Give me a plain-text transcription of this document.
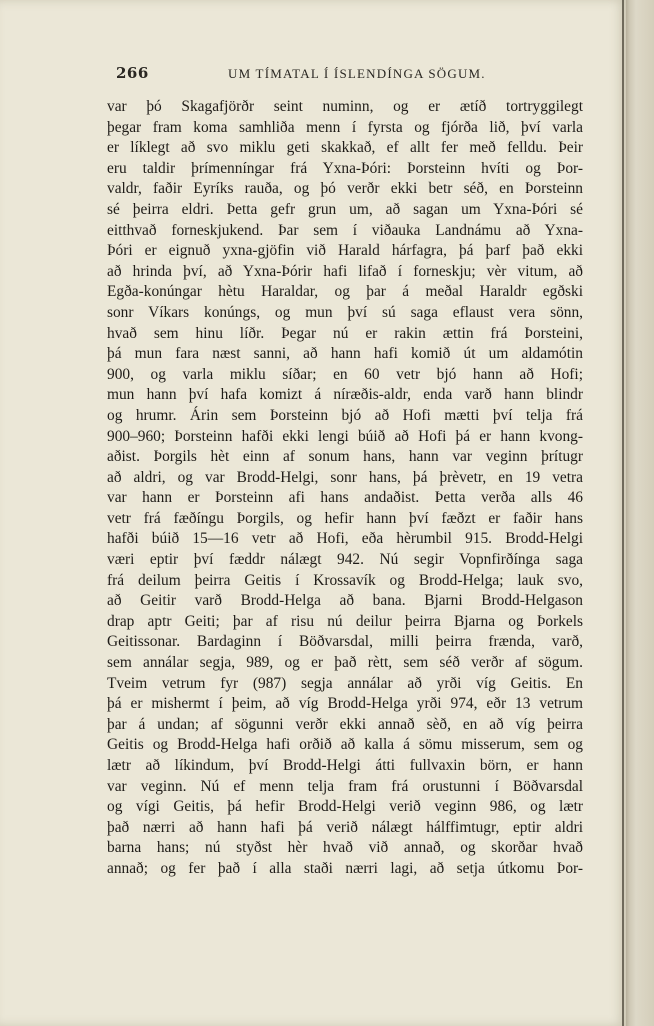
266	UM TÍMATAL Í ÍSLENDÍNGA SÖGUM.
var þó Skagafjörðr seint numinn, og er ætíð tortryggilegt
þegar fram koma samhliða menn í fyrsta og fjórða lið, því varla
er líklegt að svo miklu geti skakkað, ef allt fer með felldu. Þeir
eru taldir þrímenníngar frá Yxna-Þóri: Þorsteinn hvíti og Þor-
valdr, faðir Eyríks rauða, og þó verðr ekki betr séð, en Þorsteinn
sé þeirra eldri. Þetta gefr grun um, að sagan um Yxna-Þóri sé
eitthvað forneskjukend. Þar sem í viðauka Landnámu að Yxna-
Þóri er eignuð yxna-gjöfin við Harald hárfagra, þá þarf það ekki
að hrinda því, að Yxna-Þórir hafi lifað í forneskju; vèr vitum, að
Egða-konúngar hètu Haraldar, og þar á meðal Haraldr egðski
sonr Víkars konúngs, og mun því sú saga eflaust vera sönn,
hvað sem hinu líðr. Þegar nú er rakin ættin frá Þorsteini,
þá mun fara næst sanni, að hann hafi komið út um aldamótin
900, og varla miklu síðar; en 60 vetr bjó hann að Hofi;
mun hann því hafa komizt á níræðis-aldr, enda varð hann blindr
og hrumr. Árin sem Þorsteinn bjó að Hofi mætti því telja frá
900–960; Þorsteinn hafði ekki lengi búið að Hofi þá er hann kvong-
aðist. Þorgils hèt einn af sonum hans, hann var veginn þrítugr
að aldri, og var Brodd-Helgi, sonr hans, þá þrèvetr, en 19 vetra
var hann er Þorsteinn afi hans andaðist. Þetta verða alls 46
vetr frá fæðíngu Þorgils, og hefir hann því fæðzt er faðir hans
hafði búið 15—16 vetr að Hofi, eða hèrumbil 915. Brodd-Helgi
væri eptir því fæddr nálægt 942. Nú segir Vopnfirðínga saga
frá deilum þeirra Geitis í Krossavík og Brodd-Helga; lauk svo,
að Geitir varð Brodd-Helga að bana. Bjarni Brodd-Helgason
drap aptr Geiti; þar af risu nú deilur þeirra Bjarna og Þorkels
Geitissonar. Bardaginn í Böðvarsdal, milli þeirra frænda, varð,
sem annálar segja, 989, og er það rètt, sem séð verðr af sögum.
Tveim vetrum fyr (987) segja annálar að yrði víg Geitis. En
þá er mishermt í þeim, að víg Brodd-Helga yrði 974, eðr 13 vetrum
þar á undan; af sögunni verðr ekki annað sèð, en að víg þeirra
Geitis og Brodd-Helga hafi orðið að kalla á sömu misserum, sem og
lætr að líkindum, því Brodd-Helgi átti fullvaxin börn, er hann
var veginn. Nú ef menn telja fram frá orustunni í Böðvarsdal
og vígi Geitis, þá hefir Brodd-Helgi verið veginn 986, og lætr
það nærri að hann hafi þá verið nálægt hálffimtugr, eptir aldri
barna hans; nú styðst hèr hvað við annað, og skorðar hvað
annað; og fer það í alla staði nærri lagi, að setja útkomu Þor-
